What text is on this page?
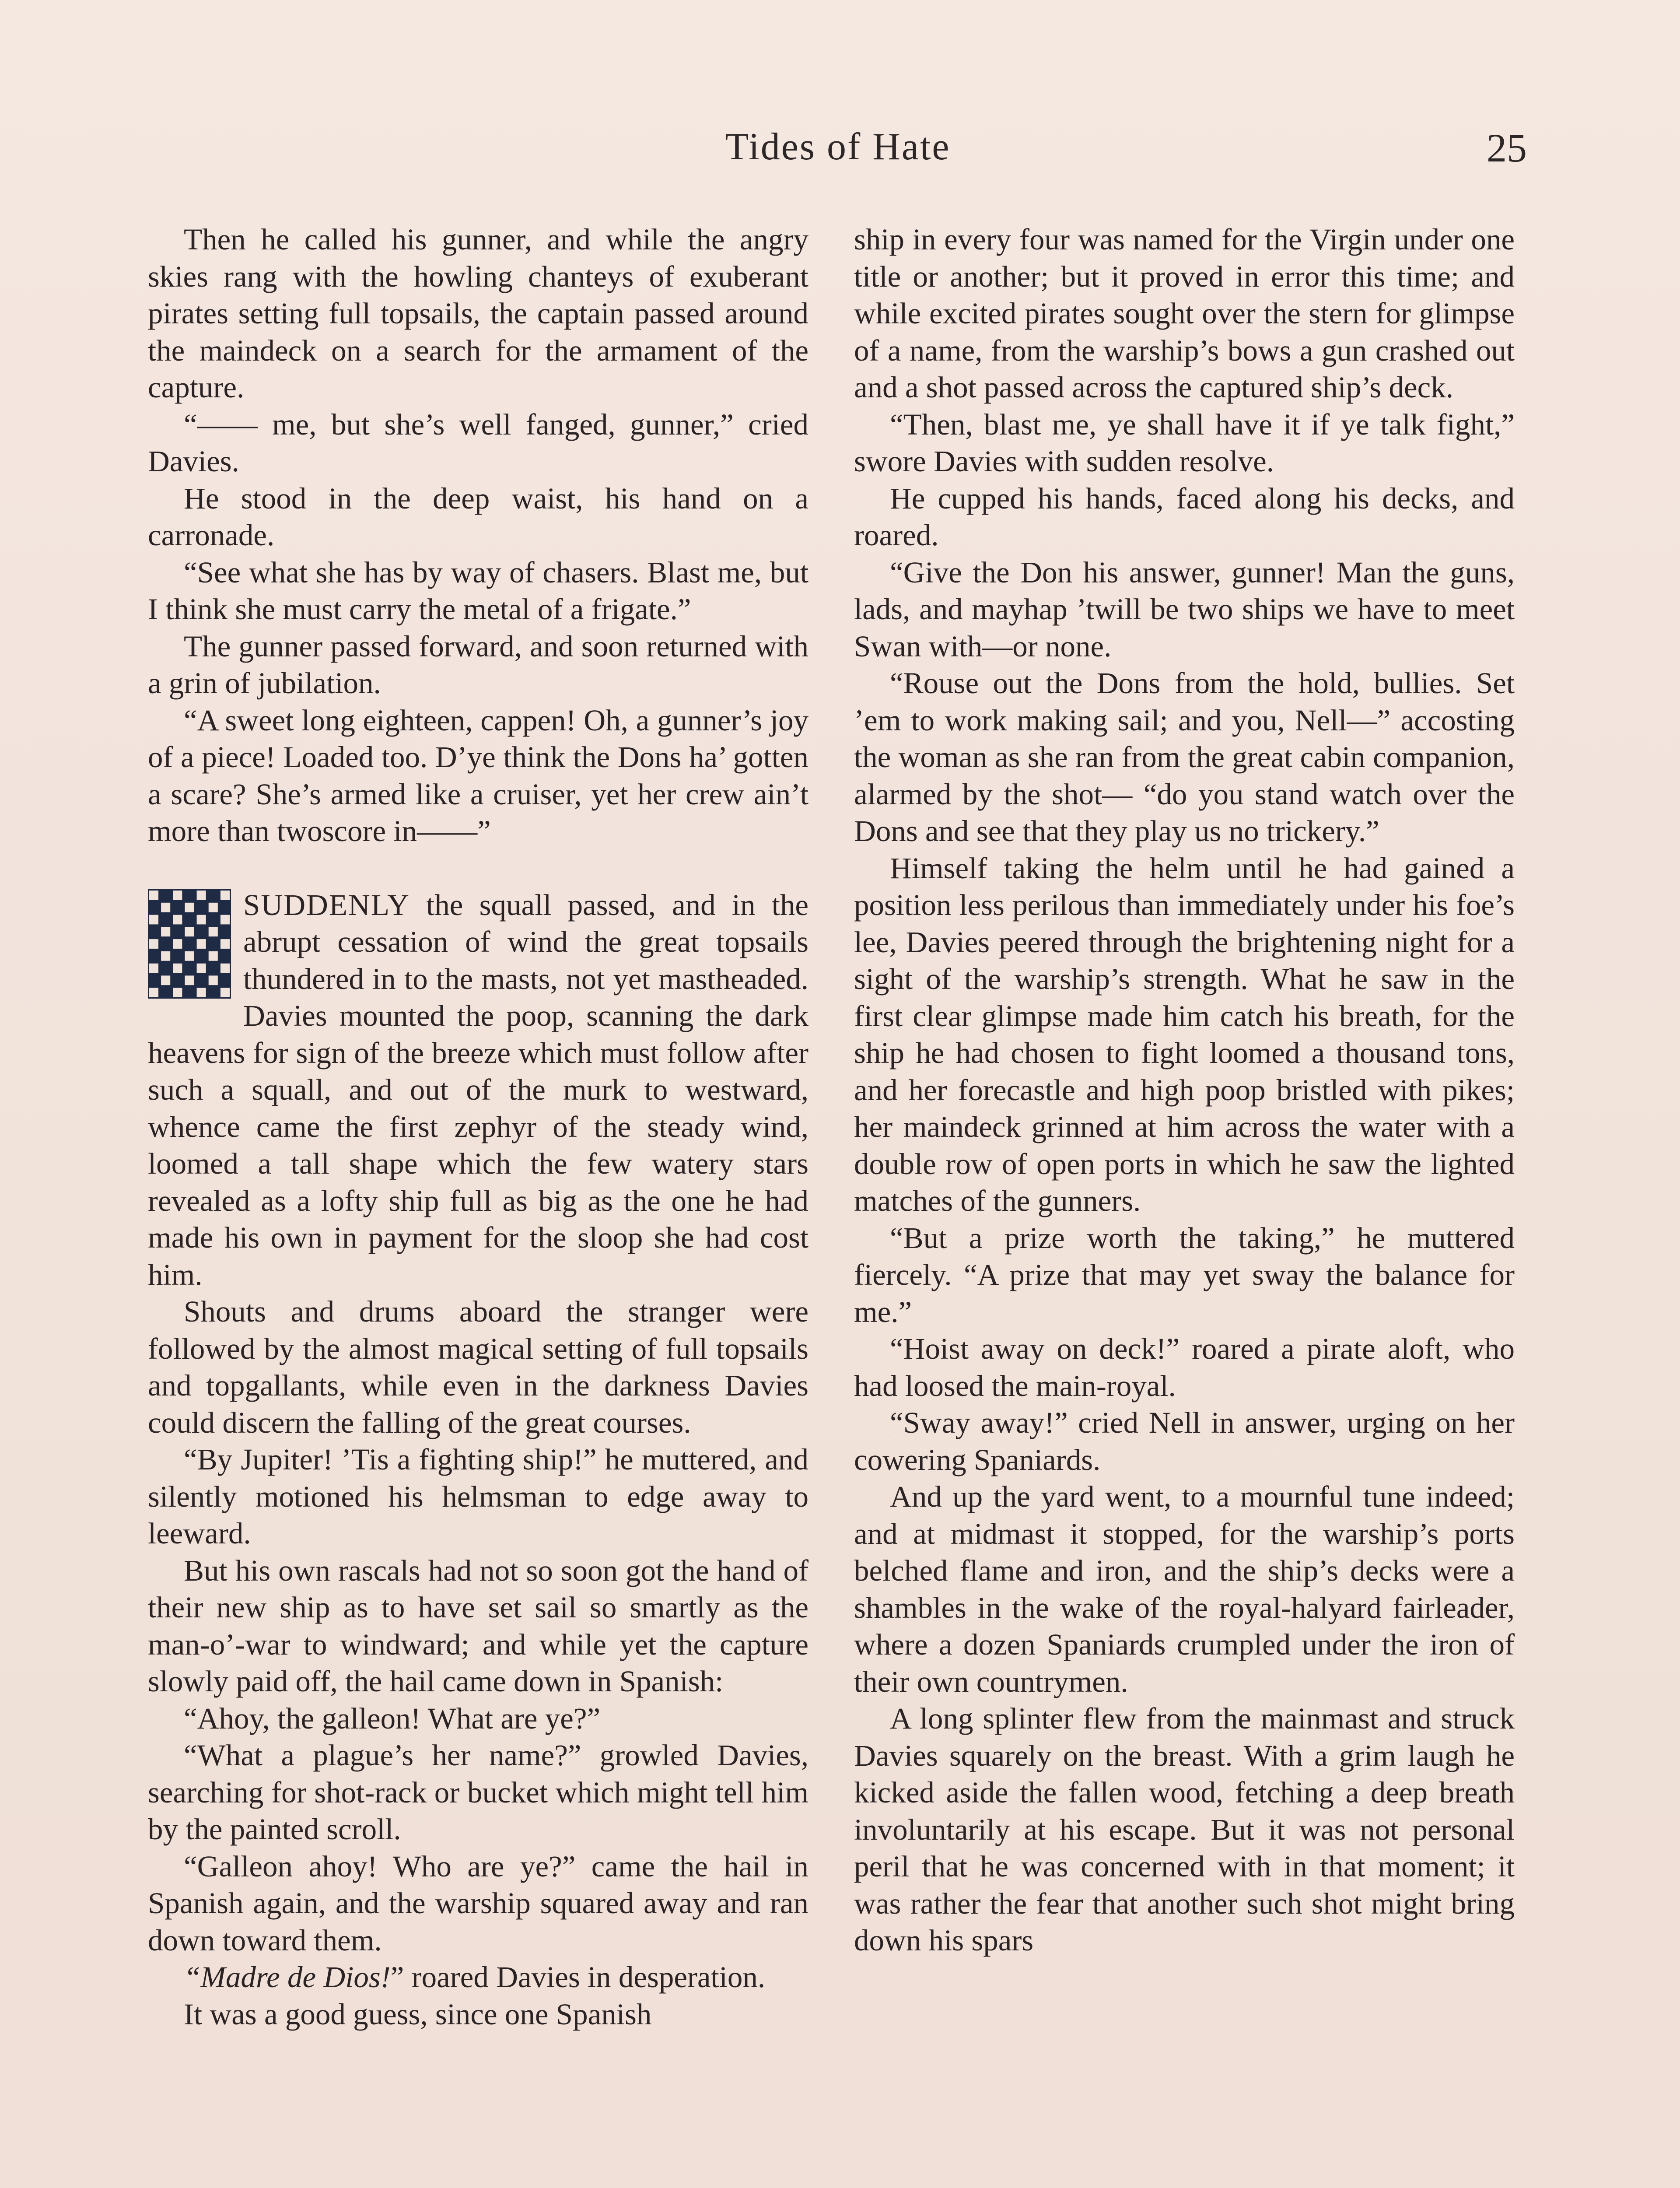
Tides of Hate	25

Then he called his gunner, and while the angry skies rang with the howling chanteys of exuberant pirates setting full topsails, the captain passed around the maindeck on a search for the armament of the capture.

“—— me, but she’s well fanged, gunner,” cried Davies.

He stood in the deep waist, his hand on a carronade.

“See what she has by way of chasers. Blast me, but I think she must carry the metal of a frigate.”

The gunner passed forward, and soon returned with a grin of jubilation.

“A sweet long eighteen, cappen! Oh, a gunner’s joy of a piece! Loaded too. D’ye think the Dons ha’ gotten a scare? She’s armed like a cruiser, yet her crew ain’t more than twoscore in——”

SUDDENLY the squall passed, and in the abrupt cessation of wind the great topsails thundered in to the masts, not yet mastheaded. Davies mounted the poop, scanning the dark heavens for sign of the breeze which must follow after such a squall, and out of the murk to westward, whence came the first zephyr of the steady wind, loomed a tall shape which the few watery stars revealed as a lofty ship full as big as the one he had made his own in payment for the sloop she had cost him.

Shouts and drums aboard the stranger were followed by the almost magical setting of full topsails and topgallants, while even in the darkness Davies could discern the falling of the great courses.

“By Jupiter! ’Tis a fighting ship!” he muttered, and silently motioned his helmsman to edge away to leeward.

But his own rascals had not so soon got the hand of their new ship as to have set sail so smartly as the man-o’-war to windward; and while yet the capture slowly paid off, the hail came down in Spanish:

“Ahoy, the galleon! What are ye?”

“What a plague’s her name?” growled Davies, searching for shot-rack or bucket which might tell him by the painted scroll.

“Galleon ahoy! Who are ye?” came the hail in Spanish again, and the warship squared away and ran down toward them.

“Madre de Dios!” roared Davies in desperation.

It was a good guess, since one Spanish

ship in every four was named for the Virgin under one title or another; but it proved in error this time; and while excited pirates sought over the stern for glimpse of a name, from the warship’s bows a gun crashed out and a shot passed across the captured ship’s deck.

“Then, blast me, ye shall have it if ye talk fight,” swore Davies with sudden resolve.

He cupped his hands, faced along his decks, and roared.

“Give the Don his answer, gunner! Man the guns, lads, and mayhap ’twill be two ships we have to meet Swan with—or none.

“Rouse out the Dons from the hold, bullies. Set ’em to work making sail; and you, Nell—” accosting the woman as she ran from the great cabin companion, alarmed by the shot— “do you stand watch over the Dons and see that they play us no trickery.”

Himself taking the helm until he had gained a position less perilous than immediately under his foe’s lee, Davies peered through the brightening night for a sight of the warship’s strength. What he saw in the first clear glimpse made him catch his breath, for the ship he had chosen to fight loomed a thousand tons, and her forecastle and high poop bristled with pikes; her maindeck grinned at him across the water with a double row of open ports in which he saw the lighted matches of the gunners.

“But a prize worth the taking,” he muttered fiercely. “A prize that may yet sway the balance for me.”

“Hoist away on deck!” roared a pirate aloft, who had loosed the main-royal.

“Sway away!” cried Nell in answer, urging on her cowering Spaniards.

And up the yard went, to a mournful tune indeed; and at midmast it stopped, for the warship’s ports belched flame and iron, and the ship’s decks were a shambles in the wake of the royal-halyard fairleader, where a dozen Spaniards crumpled under the iron of their own countrymen.

A long splinter flew from the mainmast and struck Davies squarely on the breast. With a grim laugh he kicked aside the fallen wood, fetching a deep breath involuntarily at his escape. But it was not personal peril that he was concerned with in that moment; it was rather the fear that another such shot might bring down his spars
